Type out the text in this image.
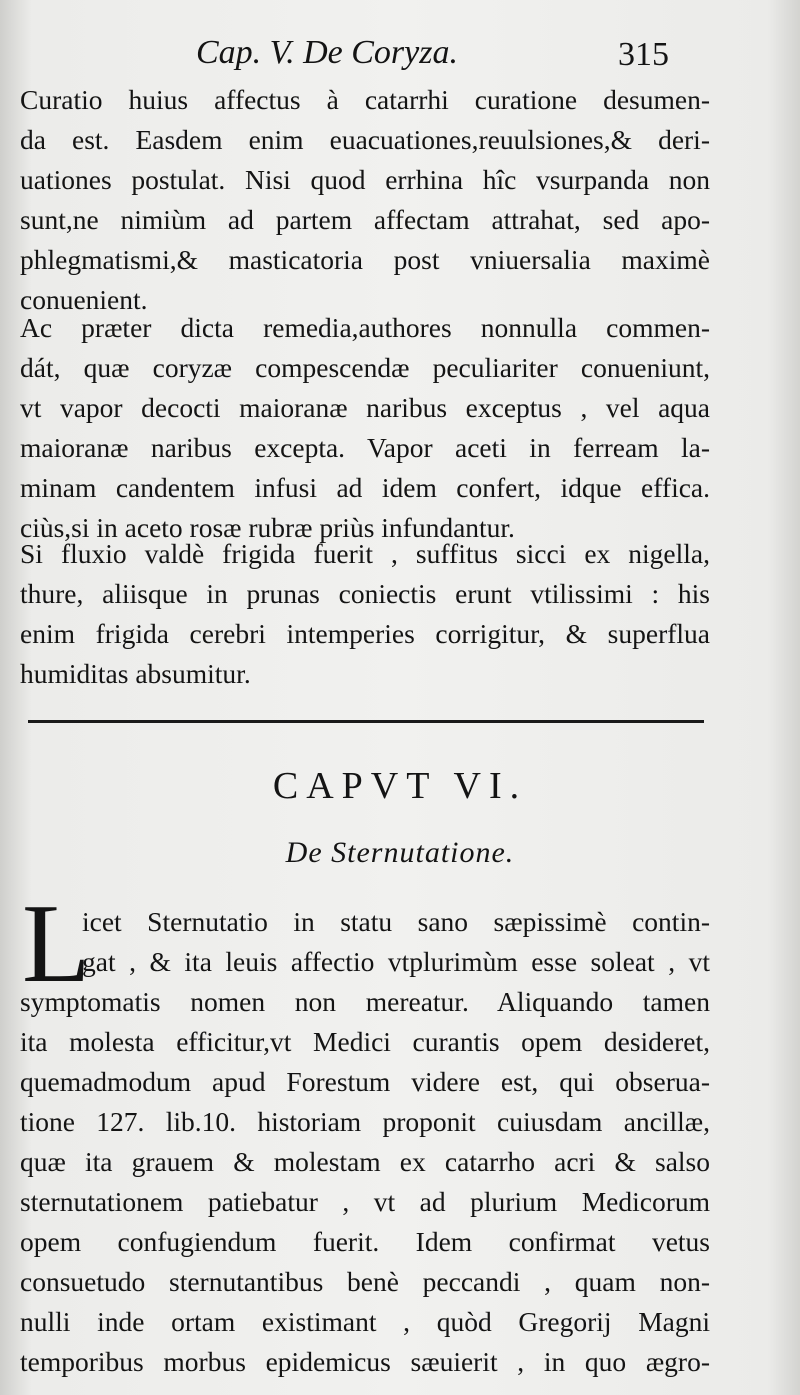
Cap. V. De Coryza.	315
Curatio huius affectus à catarrhi curatione desumen-
da est. Easdem enim euacuationes,reuulsiones,& deri-
uationes postulat. Nisi quod errhina hîc vsurpanda non
sunt,ne nimiùm ad partem affectam attrahat, sed apo-
phlegmatismi,& masticatoria post vniuersalia maximè
conuenient.
Ac præter dicta remedia,authores nonnulla commen-
dát, quæ coryzæ compescendæ peculiariter conueniunt,
vt vapor decocti maioranæ naribus exceptus , vel aqua
maioranæ naribus excepta. Vapor aceti in ferream la-
minam candentem infusi ad idem confert, idque effica.
ciùs,si in aceto rosæ rubræ priùs infundantur.
Si fluxio valdè frigida fuerit , suffitus sicci ex nigella,
thure, aliisque in prunas coniectis erunt vtilissimi : his
enim frigida cerebri intemperies corrigitur, & superflua
humiditas absumitur.
CAPVT VI.
De Sternutatione.
L
icet Sternutatio in statu sano sæpissimè contin-
gat , & ita leuis affectio vtplurimùm esse soleat , vt
symptomatis nomen non mereatur. Aliquando tamen
ita molesta efficitur,vt Medici curantis opem desideret,
quemadmodum apud Forestum videre est, qui obserua-
tione 127. lib.10. historiam proponit cuiusdam ancillæ,
quæ ita grauem & molestam ex catarrho acri & salso
sternutationem patiebatur , vt ad plurium Medicorum
opem confugiendum fuerit. Idem confirmat vetus
consuetudo sternutantibus benè peccandi , quam non-
nulli inde ortam existimant , quòd Gregorij Magni
temporibus morbus epidemicus sæuierit , in quo ægro-
